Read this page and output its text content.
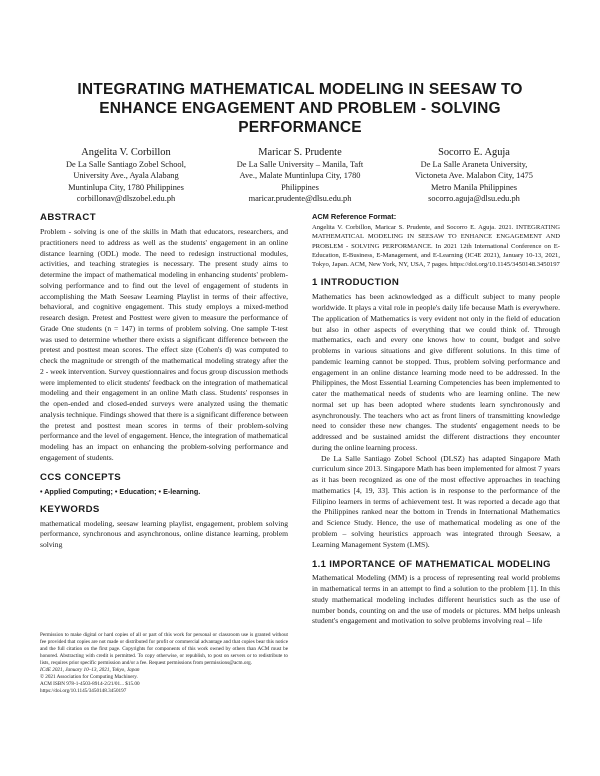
INTEGRATING MATHEMATICAL MODELING IN SEESAW TO ENHANCE ENGAGEMENT AND PROBLEM - SOLVING PERFORMANCE
Angelita V. Corbillon
De La Salle Santiago Zobel School,
University Ave., Ayala Alabang
Muntinlupa City, 1780 Philippines
corbillonav@dlszobel.edu.ph
Maricar S. Prudente
De La Salle University – Manila, Taft
Ave., Malate Muntinlupa City, 1780
Philippines
maricar.prudente@dlsu.edu.ph
Socorro E. Aguja
De La Salle Araneta University,
Victoneta Ave. Malabon City, 1475
Metro Manila Philippines
socorro.aguja@dlsu.edu.ph
ABSTRACT

Problem - solving is one of the skills in Math that educators, researchers, and practitioners need to address as well as the students' engagement in an online distance learning (ODL) mode. The need to redesign instructional modules, activities, and teaching strategies is necessary. The present study aims to determine the impact of mathematical modeling in enhancing students' problem-solving performance and to find out the level of engagement of students in accomplishing the Math Seesaw Learning Playlist in terms of their affective, behavioral, and cognitive engagement. This study employs a mixed-method research design. Pretest and Posttest were given to measure the performance of Grade One students (n = 147) in terms of problem solving. One sample T-test was used to determine whether there exists a significant difference between the pretest and posttest mean scores. The effect size (Cohen's d) was computed to check the magnitude or strength of the mathematical modeling strategy after the 2 - week intervention. Survey questionnaires and focus group discussion methods were implemented to elicit students' feedback on the integration of mathematical modeling and their engagement in an online Math class. Students' responses in the open-ended and closed-ended surveys were analyzed using the thematic analysis technique. Findings showed that there is a significant difference between the pretest and posttest mean scores in terms of their problem-solving performance and the level of engagement. Hence, the integration of mathematical modeling has an impact on enhancing the problem-solving performance and engagement of students.

CCS CONCEPTS

• Applied Computing; • Education; • E-learning.

KEYWORDS

mathematical modeling, seesaw learning playlist, engagement, problem solving performance, synchronous and asynchronous, online distance learning, problem solving

Permission to make digital or hard copies of all or part of this work for personal or classroom use is granted without fee provided that copies are not made or distributed for profit or commercial advantage and that copies bear this notice and the full citation on the first page. Copyrights for components of this work owned by others than ACM must be honored. Abstracting with credit is permitted. To copy otherwise, or republish, to post on servers or to redistribute to lists, requires prior specific permission and/or a fee. Request permissions from permissions@acm.org.

IC4E 2021, January 10–13, 2021, Tokyo, Japan

© 2021 Association for Computing Machinery.

ACM ISBN 978-1-4503-8914-2/21/01... $15.00

https://doi.org/10.1145/3450148.3450197

ACM Reference Format:

Angelita V. Corbillon, Maricar S. Prudente, and Socorro E. Aguja. 2021. INTEGRATING MATHEMATICAL MODELING IN SEESAW TO ENHANCE ENGAGEMENT AND PROBLEM - SOLVING PERFORMANCE. In 2021 12th International Conference on E-Education, E-Business, E-Management, and E-Learning (IC4E 2021), January 10-13, 2021, Tokyo, Japan. ACM, New York, NY, USA, 7 pages. https://doi.org/10.1145/3450148.3450197

1 INTRODUCTION

Mathematics has been acknowledged as a difficult subject to many people worldwide. It plays a vital role in people's daily life because Math is everywhere. The application of Mathematics is very evident not only in the field of education but also in other aspects of everything that we could think of. Through mathematics, each and every one knows how to count, budget and solve problems in various situations and give different solutions. In this time of pandemic learning cannot be stopped. Thus, problem solving performance and engagement in an online distance learning mode need to be addressed. In the Philippines, the Most Essential Learning Competencies has been implemented to cater the mathematical needs of students who are learning online. The new normal set up has been adopted where students learn synchronously and asynchronously. The teachers who act as front liners of transmitting knowledge need to consider these new changes. The students' engagement needs to be addressed and be sustained amidst the different distractions they encounter during the online learning process.

De La Salle Santiago Zobel School (DLSZ) has adapted Singapore Math curriculum since 2013. Singapore Math has been implemented for almost 7 years as it has been recognized as one of the most effective approaches in teaching mathematics [4, 19, 33]. This action is in response to the performance of the Filipino learners in terms of achievement test. It was reported a decade ago that the Philippines ranked near the bottom in Trends in International Mathematics and Science Study. Hence, the use of mathematical modeling as one of the problem – solving heuristics approach was integrated through Seesaw, a Learning Management System (LMS).

1.1 IMPORTANCE OF MATHEMATICAL MODELING

Mathematical Modeling (MM) is a process of representing real world problems in mathematical terms in an attempt to find a solution to the problem [1]. In this study mathematical modeling includes different heuristics such as the use of number bonds, counting on and the use of models or pictures. MM helps unleash student's engagement and motivation to solve problems involving real – life
